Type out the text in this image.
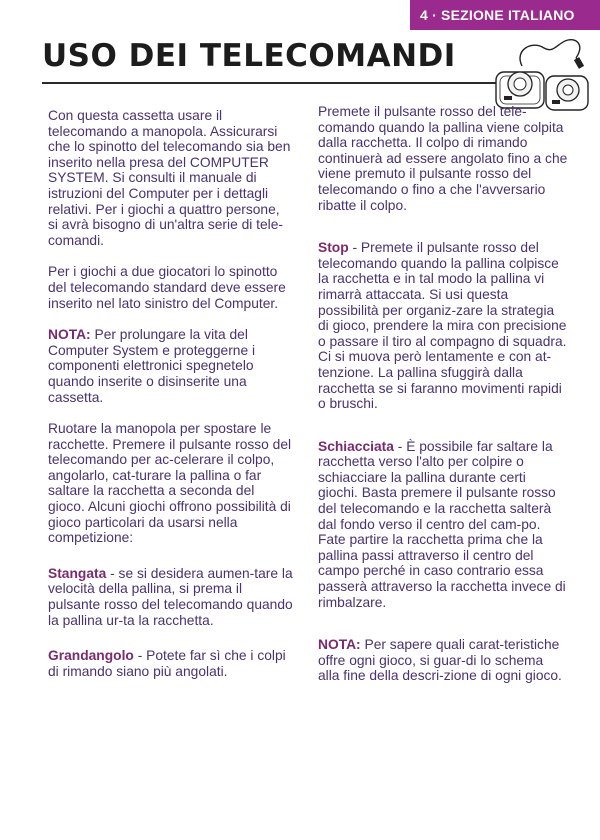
4 · SEZIONE ITALIANO
USO DEI TELECOMANDI

Con questa cassetta usare il telecomando a manopola. Assicurarsi che lo spinotto del telecomando sia ben inserito nella presa del COMPUTER SYSTEM. Si consulti il manuale di istruzioni del Computer per i dettagli relativi. Per i giochi a quattro persone, si avrà bisogno di un'altra serie di tele-comandi.

Per i giochi a due giocatori lo spinotto del telecomando standard deve essere inserito nel lato sinistro del Computer.

NOTA: Per prolungare la vita del Computer System e proteggerne i componenti elettronici spegnetelo quando inserite o disinserite una cassetta.

Ruotare la manopola per spostare le racchette. Premere il pulsante rosso del telecomando per ac-celerare il colpo, angolarlo, cat-turare la pallina o far saltare la racchetta a seconda del gioco. Alcuni giochi offrono possibilità di gioco particolari da usarsi nella competizione:

Stangata - se si desidera aumen-tare la velocità della pallina, si prema il pulsante rosso del telecomando quando la pallina ur-ta la racchetta.

Grandangolo - Potete far sì che i colpi di rimando siano più angolati.

Premete il pulsante rosso del tele-comando quando la pallina viene colpita dalla racchetta. Il colpo di rimando continuerà ad essere angolato fino a che viene premuto il pulsante rosso del telecomando o fino a che l'avversario ribatte il colpo.

Stop - Premete il pulsante rosso del telecomando quando la pallina colpisce la racchetta e in tal modo la pallina vi rimarrà attaccata. Si usi questa possibilità per organiz-zare la strategia di gioco, prendere la mira con precisione o passare il tiro al compagno di squadra. Ci si muova però lentamente e con at-tenzione. La pallina sfuggirà dalla racchetta se si faranno movimenti rapidi o bruschi.

Schiacciata - È possibile far saltare la racchetta verso l'alto per colpire o schiacciare la pallina durante certi giochi. Basta premere il pulsante rosso del telecomando e la racchetta salterà dal fondo verso il centro del cam-po. Fate partire la racchetta prima che la pallina passi attraverso il centro del campo perché in caso contrario essa passerà attraverso la racchetta invece di rimbalzare.

NOTA: Per sapere quali carat-teristiche offre ogni gioco, si guar-di lo schema alla fine della descri-zione di ogni gioco.
